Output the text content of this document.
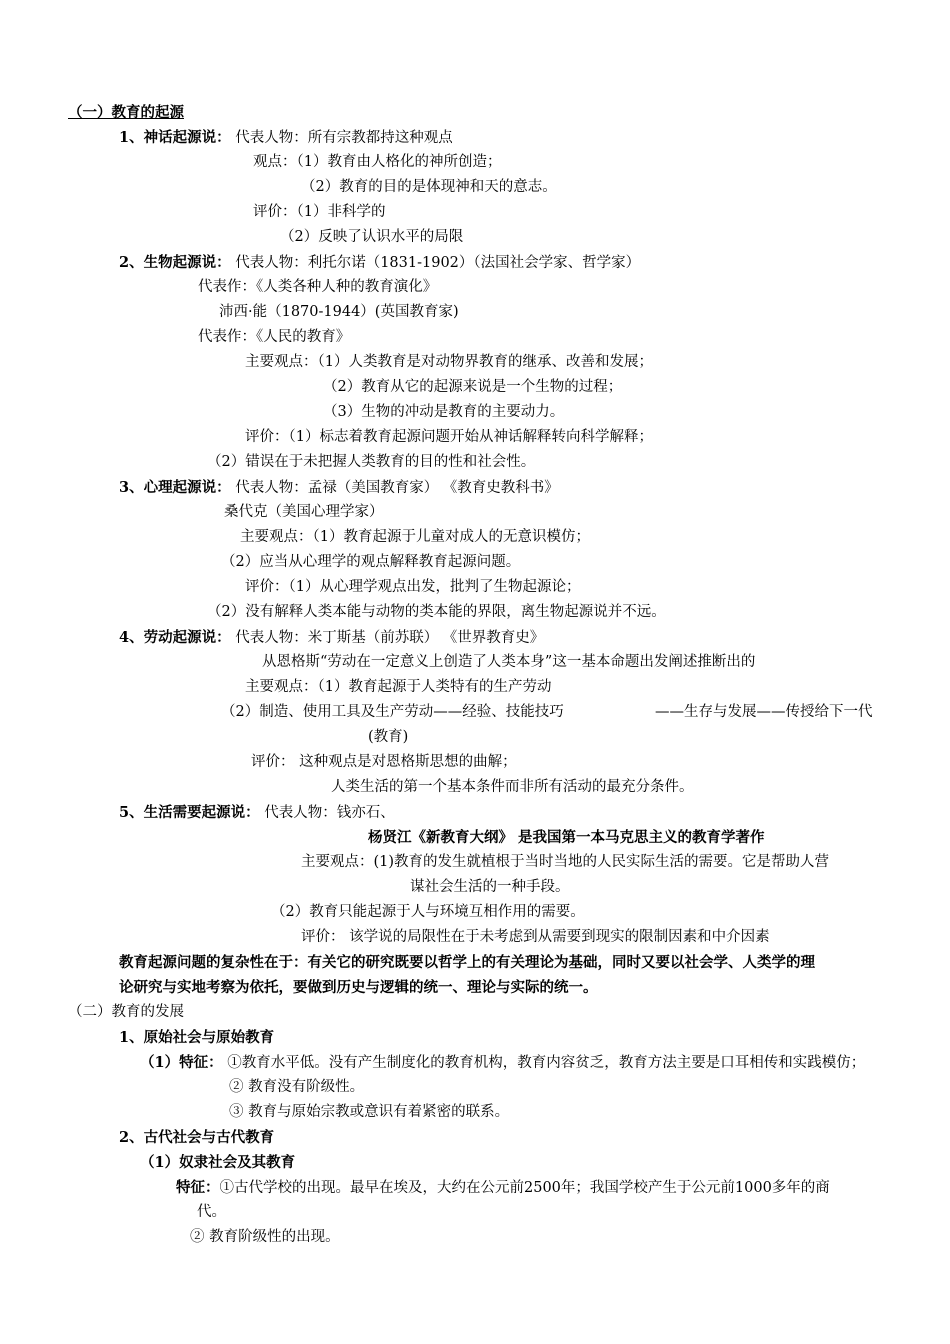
（一）教育的起源
1、神话起源说： 代表人物：所有宗教都持这种观点
观点：（1）教育由人格化的神所创造；
（2）教育的目的是体现神和天的意志。
评价：（1）非科学的
（2）反映了认识水平的局限
2、生物起源说： 代表人物：利托尔诺（1831-1902）（法国社会学家、哲学家）
代表作：《人类各种人种的教育演化》
沛西·能（1870-1944）(英国教育家)
代表作：《人民的教育》
主要观点：（1）人类教育是对动物界教育的继承、改善和发展；
（2）教育从它的起源来说是一个生物的过程；
（3）生物的冲动是教育的主要动力。
评价：（1）标志着教育起源问题开始从神话解释转向科学解释；
（2）错误在于未把握人类教育的目的性和社会性。
3、心理起源说： 代表人物：孟禄（美国教育家） 《教育史教科书》
桑代克（美国心理学家）
主要观点：（1）教育起源于儿童对成人的无意识模仿；
（2）应当从心理学的观点解释教育起源问题。
评价：（1）从心理学观点出发，批判了生物起源论；
（2）没有解释人类本能与动物的类本能的界限，离生物起源说并不远。
4、劳动起源说： 代表人物：米丁斯基（前苏联） 《世界教育史》
从恩格斯“劳动在一定意义上创造了人类本身”这一基本命题出发阐述推断出的
主要观点：（1）教育起源于人类特有的生产劳动
（2）制造、使用工具及生产劳动——经验、技能技巧	——生存与发展——传授给下一代
(教育)
评价： 这种观点是对恩格斯思想的曲解；
人类生活的第一个基本条件而非所有活动的最充分条件。
5、生活需要起源说： 代表人物：钱亦石、
杨贤江《新教育大纲》 是我国第一本马克思主义的教育学著作
主要观点：(1)教育的发生就植根于当时当地的人民实际生活的需要。它是帮助人营
谋社会生活的一种手段。
（2）教育只能起源于人与环境互相作用的需要。
评价： 该学说的局限性在于未考虑到从需要到现实的限制因素和中介因素
教育起源问题的复杂性在于：有关它的研究既要以哲学上的有关理论为基础，同时又要以社会学、人类学的理
论研究与实地考察为依托，要做到历史与逻辑的统一、理论与实际的统一。
（二）教育的发展
1、原始社会与原始教育
（1）特征： ①教育水平低。没有产生制度化的教育机构，教育内容贫乏，教育方法主要是口耳相传和实践模仿；
② 教育没有阶级性。
③ 教育与原始宗教或意识有着紧密的联系。
2、古代社会与古代教育
（1）奴隶社会及其教育
特征：①古代学校的出现。最早在埃及，大约在公元前2500年；我国学校产生于公元前1000多年的商
代。
② 教育阶级性的出现。
